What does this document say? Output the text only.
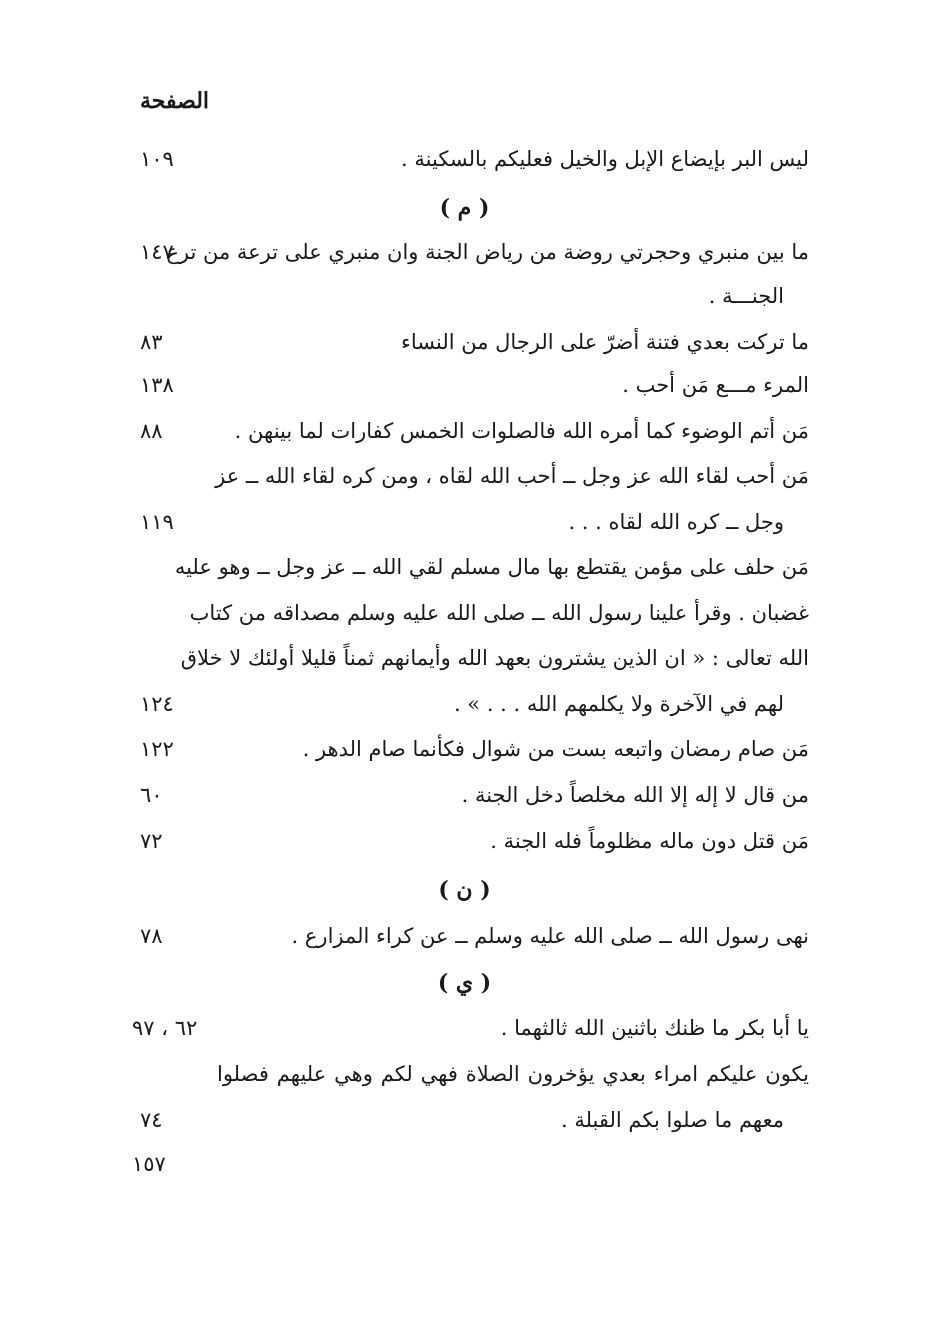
الصفحة
ليس البر بإيضاع الإبل والخيل فعليكم بالسكينة .
١٠٩
( م )
ما بين منبري وحجرتي روضة من رياض الجنة وان منبري على ترعة من ترع
الجنـــة .
١٤٧
ما تركت بعدي فتنة أضرّ على الرجال من النساء
٨٣
المرء مـــع مَن أحب .
١٣٨
مَن أتم الوضوء كما أمره الله فالصلوات الخمس كفارات لما بينهن .
٨٨
مَن أحب لقاء الله عز وجل ــ أحب الله لقاه ، ومن كره لقاء الله ــ عز
وجل ــ كره الله لقاه . . .
١١٩
مَن حلف على مؤمن يقتطع بها مال مسلم لقي الله ــ عز وجل ــ وهو عليه
غضبان . وقرأ علينا رسول الله ــ صلى الله عليه وسلم مصداقه من كتاب
الله تعالى : « ان الذين يشترون بعهد الله وأيمانهم ثمناً قليلا أولئك لا خلاق
لهم في الآخرة ولا يكلمهم الله . . . » .
١٢٤
مَن صام رمضان واتبعه بست من شوال فكأنما صام الدهر .
١٢٢
من قال لا إله إلا الله مخلصاً دخل الجنة .
٦٠
مَن قتل دون ماله مظلوماً فله الجنة .
٧٢
( ن )
نهى رسول الله ــ صلى الله عليه وسلم ــ عن كراء المزارع .
٧٨
( ي )
يا أبا بكر ما ظنك باثنين الله ثالثهما .
٦٢ ، ٩٧
يكون عليكم امراء بعدي يؤخرون الصلاة فهي لكم وهي عليهم فصلوا
معهم ما صلوا بكم القبلة .
٧٤
١٥٧
